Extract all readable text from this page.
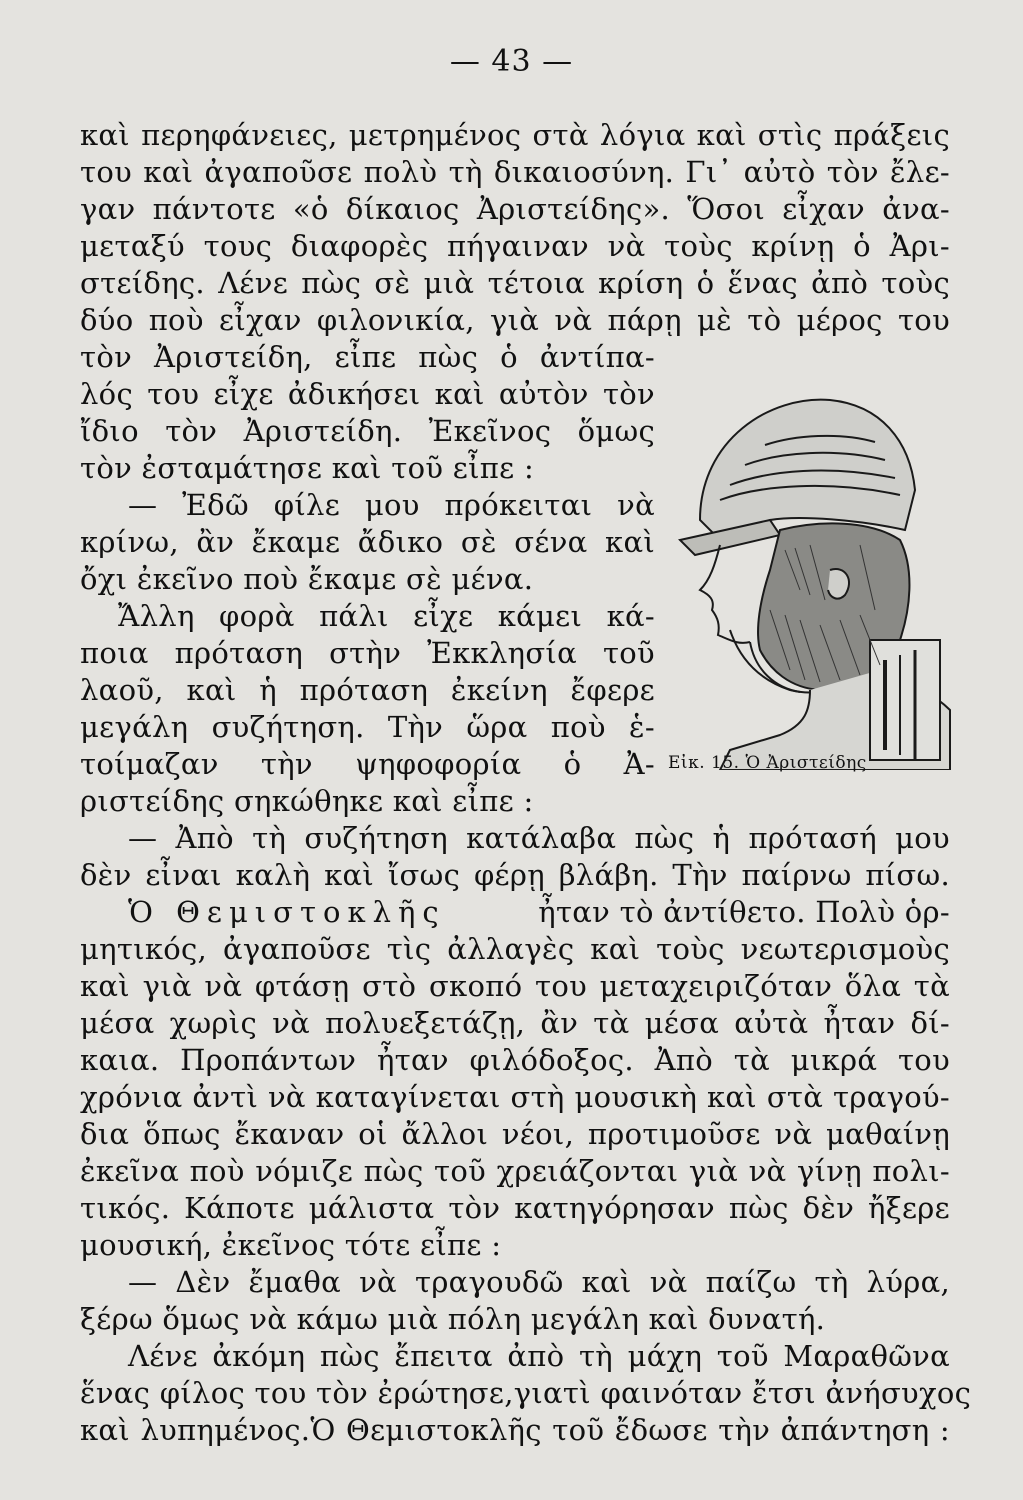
— 43 —
καὶ περηφάνειες, μετρημένος στὰ λόγια καὶ στὶς πράξεις
του καὶ ἀγαποῦσε πολὺ τὴ δικαιοσύνη. Γι᾿ αὐτὸ τὸν ἔλε-
γαν πάντοτε «ὁ δίκαιος Ἀριστείδης». Ὅσοι εἶχαν ἀνα-
μεταξύ τους διαφορὲς πήγαιναν νὰ τοὺς κρίνῃ ὁ Ἀρι-
στείδης. Λένε πὼς σὲ μιὰ τέτοια κρίση ὁ ἕνας ἀπὸ τοὺς
δύο ποὺ εἶχαν φιλονικία, γιὰ νὰ πάρῃ μὲ τὸ μέρος του
τὸν Ἀριστείδη, εἶπε πὼς ὁ ἀντίπα-
λός του εἶχε ἀδικήσει καὶ αὐτὸν τὸν
ἴδιο τὸν Ἀριστείδη. Ἐκεῖνος ὅμως
τὸν ἐσταμάτησε καὶ τοῦ εἶπε :
— Ἐδῶ φίλε μου πρόκειται νὰ
κρίνω, ἂν ἔκαμε ἄδικο σὲ σένα καὶ
ὄχι ἐκεῖνο ποὺ ἔκαμε σὲ μένα.
Ἄλλη φορὰ πάλι εἶχε κάμει κά-
ποια πρόταση στὴν Ἐκκλησία τοῦ
λαοῦ, καὶ ἡ πρόταση ἐκείνη ἔφερε
μεγάλη συζήτηση. Τὴν ὥρα ποὺ ἑ-
τοίμαζαν τὴν ψηφοφορία ὁ Ἀ-
ριστείδης σηκώθηκε καὶ εἶπε :
— Ἀπὸ τὴ συζήτηση κατάλαβα πὼς ἡ πρότασή μου
δὲν εἶναι καλὴ καὶ ἴσως φέρῃ βλάβη. Τὴν παίρνω πίσω.
Ὁ Θεμιστοκλῆς	ἦταν τὸ ἀντίθετο. Πολὺ ὁρ-
μητικός, ἀγαποῦσε τὶς ἀλλαγὲς καὶ τοὺς νεωτερισμοὺς
καὶ γιὰ νὰ φτάσῃ στὸ σκοπό του μεταχειριζόταν ὅλα τὰ
μέσα χωρὶς νὰ πολυεξετάζῃ, ἂν τὰ μέσα αὐτὰ ἦταν δί-
καια. Προπάντων ἦταν φιλόδοξος. Ἀπὸ τὰ μικρά του
χρόνια ἀντὶ νὰ καταγίνεται στὴ μουσικὴ καὶ στὰ τραγού-
δια ὅπως ἔκαναν οἱ ἄλλοι νέοι, προτιμοῦσε νὰ μαθαίνῃ
ἐκεῖνα ποὺ νόμιζε πὼς τοῦ χρειάζονται γιὰ νὰ γίνῃ πολι-
τικός. Κάποτε μάλιστα τὸν κατηγόρησαν πὼς δὲν ἤξερε
μουσική, ἐκεῖνος τότε εἶπε :
— Δὲν ἔμαθα νὰ τραγουδῶ καὶ νὰ παίζω τὴ λύρα,
ξέρω ὅμως νὰ κάμω μιὰ πόλη μεγάλη καὶ δυνατή.
Λένε ἀκόμη πὼς ἔπειτα ἀπὸ τὴ μάχη τοῦ Μαραθῶνα
ἕνας φίλος του τὸν ἐρώτησε,γιατὶ φαινόταν ἔτσι ἀνήσυχος
καὶ λυπημένος.Ὁ Θεμιστοκλῆς τοῦ ἔδωσε τὴν ἀπάντηση :
Εἰκ. 15. Ὁ Ἀριστείδης
